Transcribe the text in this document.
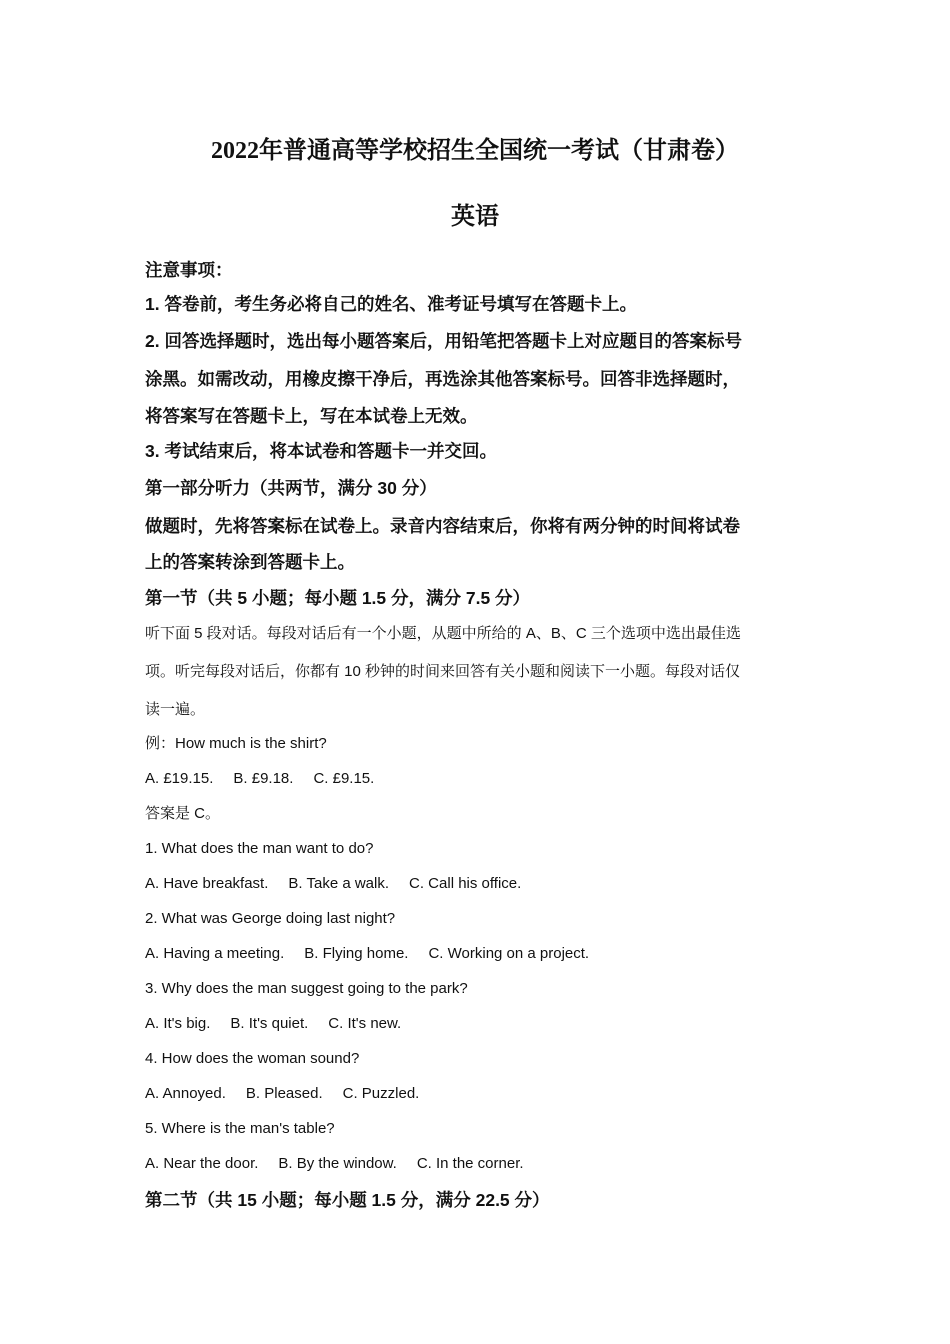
2022年普通高等学校招生全国统一考试（甘肃卷）
英语
注意事项：
1. 答卷前，考生务必将自己的姓名、准考证号填写在答题卡上。
2. 回答选择题时，选出每小题答案后，用铅笔把答题卡上对应题目的答案标号
涂黑。如需改动，用橡皮擦干净后，再选涂其他答案标号。回答非选择题时，
将答案写在答题卡上，写在本试卷上无效。
3. 考试结束后，将本试卷和答题卡一并交回。
第一部分听力（共两节，满分 30 分）
做题时，先将答案标在试卷上。录音内容结束后，你将有两分钟的时间将试卷
上的答案转涂到答题卡上。
第一节（共 5 小题；每小题 1.5 分，满分 7.5 分）
听下面 5 段对话。每段对话后有一个小题，从题中所给的 A、B、C 三个选项中选出最佳选
项。听完每段对话后，你都有 10 秒钟的时间来回答有关小题和阅读下一小题。每段对话仅
读一遍。
例：How much is the shirt?
A. £19.15. B. £9.18. C. £9.15.
答案是 C。
1. What does the man want to do?
A. Have breakfast. B. Take a walk. C. Call his office.
2. What was George doing last night?
A. Having a meeting. B. Flying home. C. Working on a project.
3. Why does the man suggest going to the park?
A. It's big. B. It's quiet. C. It's new.
4. How does the woman sound?
A. Annoyed. B. Pleased. C. Puzzled.
5. Where is the man's table?
A. Near the door. B. By the window. C. In the corner.
第二节（共 15 小题；每小题 1.5 分，满分 22.5 分）
